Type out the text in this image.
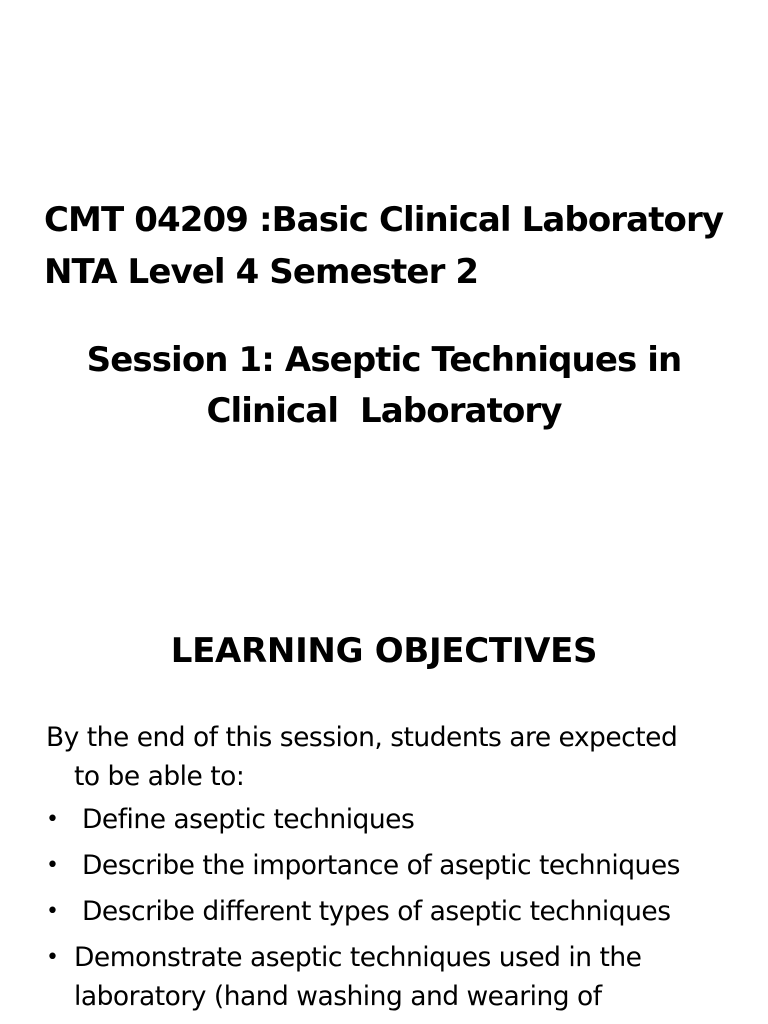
CMT 04209 :Basic Clinical Laboratory
NTA Level 4 Semester 2
Session 1: Aseptic Techniques in
Clinical  Laboratory
LEARNING OBJECTIVES
By the end of this session, students are expected
to be able to:
• Define aseptic techniques
• Describe the importance of aseptic techniques
• Describe different types of aseptic techniques
• Demonstrate aseptic techniques used in the
laboratory (hand washing and wearing of
